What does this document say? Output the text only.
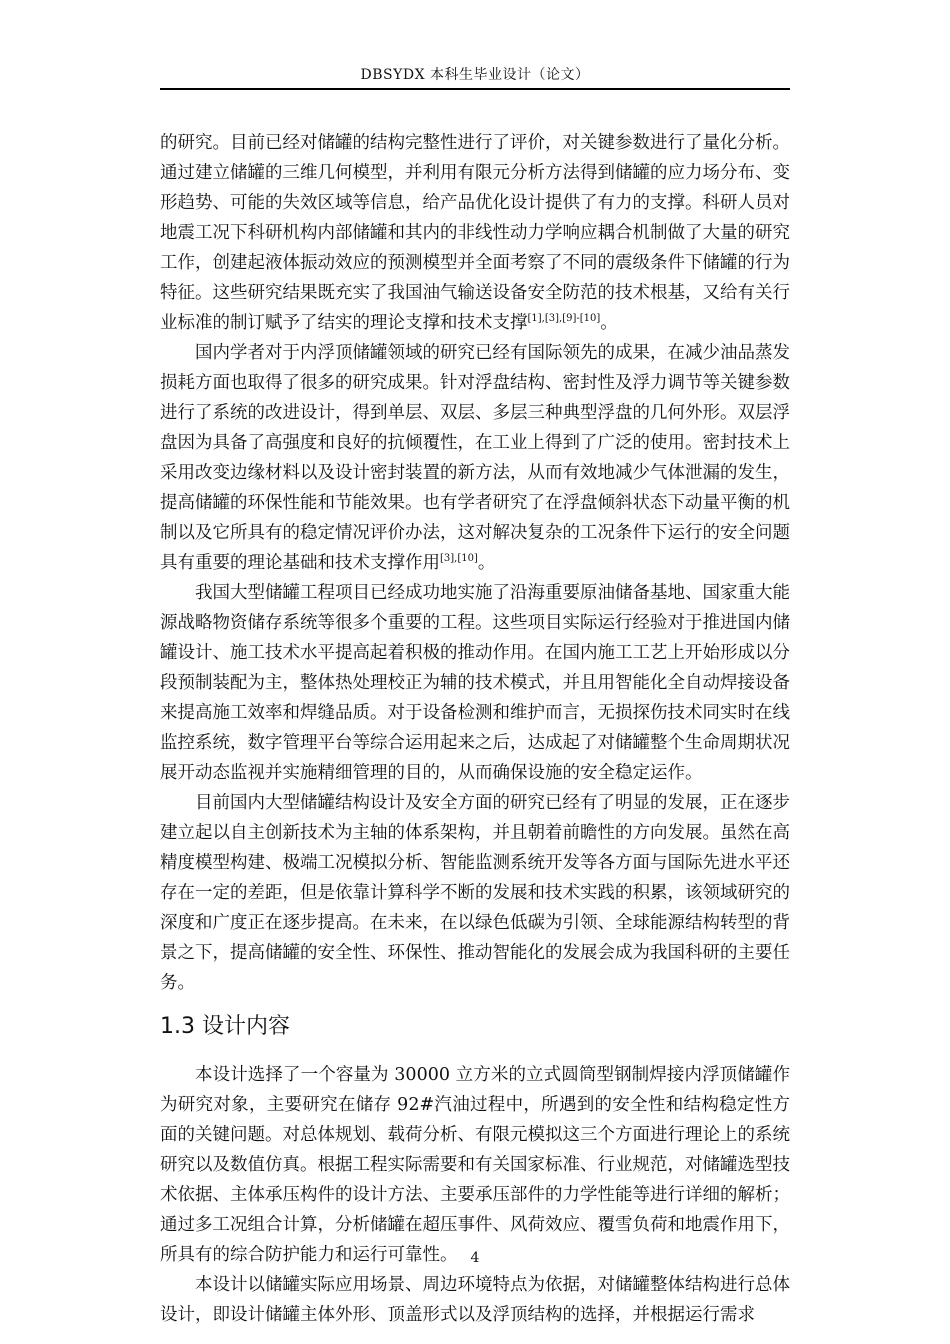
DBSYDX 本科生毕业设计（论文）

的研究。目前已经对储罐的结构完整性进行了评价，对关键参数进行了量化分析。通过建立储罐的三维几何模型，并利用有限元分析方法得到储罐的应力场分布、变形趋势、可能的失效区域等信息，给产品优化设计提供了有力的支撑。科研人员对地震工况下科研机构内部储罐和其内的非线性动力学响应耦合机制做了大量的研究工作，创建起液体振动效应的预测模型并全面考察了不同的震级条件下储罐的行为特征。这些研究结果既充实了我国油气输送设备安全防范的技术根基，又给有关行业标准的制订赋予了结实的理论支撑和技术支撑[1],[3],[9]-[10]。

国内学者对于内浮顶储罐领域的研究已经有国际领先的成果，在减少油品蒸发损耗方面也取得了很多的研究成果。针对浮盘结构、密封性及浮力调节等关键参数进行了系统的改进设计，得到单层、双层、多层三种典型浮盘的几何外形。双层浮盘因为具备了高强度和良好的抗倾覆性，在工业上得到了广泛的使用。密封技术上采用改变边缘材料以及设计密封装置的新方法，从而有效地减少气体泄漏的发生，提高储罐的环保性能和节能效果。也有学者研究了在浮盘倾斜状态下动量平衡的机制以及它所具有的稳定情况评价办法，这对解决复杂的工况条件下运行的安全问题具有重要的理论基础和技术支撑作用[3],[10]。

我国大型储罐工程项目已经成功地实施了沿海重要原油储备基地、国家重大能源战略物资储存系统等很多个重要的工程。这些项目实际运行经验对于推进国内储罐设计、施工技术水平提高起着积极的推动作用。在国内施工工艺上开始形成以分段预制装配为主，整体热处理校正为辅的技术模式，并且用智能化全自动焊接设备来提高施工效率和焊缝品质。对于设备检测和维护而言，无损探伤技术同实时在线监控系统，数字管理平台等综合运用起来之后，达成起了对储罐整个生命周期状况展开动态监视并实施精细管理的目的，从而确保设施的安全稳定运作。

目前国内大型储罐结构设计及安全方面的研究已经有了明显的发展，正在逐步建立起以自主创新技术为主轴的体系架构，并且朝着前瞻性的方向发展。虽然在高精度模型构建、极端工况模拟分析、智能监测系统开发等各方面与国际先进水平还存在一定的差距，但是依靠计算科学不断的发展和技术实践的积累，该领域研究的深度和广度正在逐步提高。在未来，在以绿色低碳为引领、全球能源结构转型的背景之下，提高储罐的安全性、环保性、推动智能化的发展会成为我国科研的主要任务。

1.3 设计内容

本设计选择了一个容量为 30000 立方米的立式圆筒型钢制焊接内浮顶储罐作为研究对象，主要研究在储存 92#汽油过程中，所遇到的安全性和结构稳定性方面的关键问题。对总体规划、载荷分析、有限元模拟这三个方面进行理论上的系统研究以及数值仿真。根据工程实际需要和有关国家标准、行业规范，对储罐选型技术依据、主体承压构件的设计方法、主要承压部件的力学性能等进行详细的解析；通过多工况组合计算，分析储罐在超压事件、风荷效应、覆雪负荷和地震作用下，所具有的综合防护能力和运行可靠性。

本设计以储罐实际应用场景、周边环境特点为依据，对储罐整体结构进行总体设计，即设计储罐主体外形、顶盖形式以及浮顶结构的选择，并根据运行需求

4
